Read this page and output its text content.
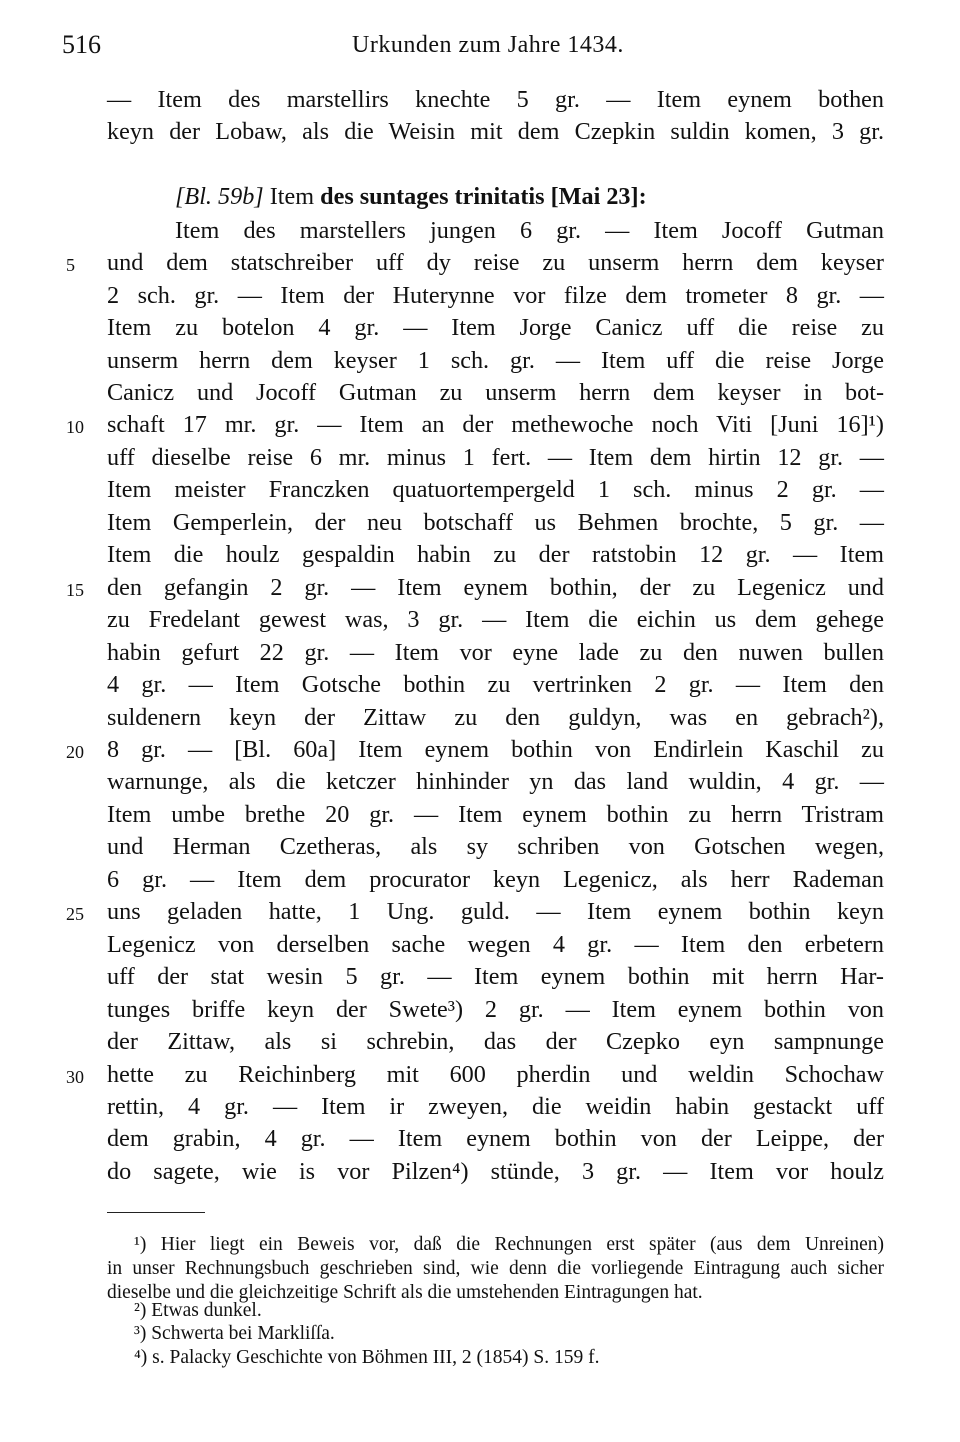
516	Urkunden zum Jahre 1434.
— Item des marstellirs knechte 5 gr. — Item eynem bothen
keyn der Lobaw, als die Weisin mit dem Czepkin suldin komen, 3 gr.
[Bl. 59b] Item des suntages trinitatis [Mai 23]:
Item des marstellers jungen 6 gr. — Item Jocoff Gutman
und dem statschreiber uff dy reise zu unserm herrn dem keyser
2 sch. gr. — Item der Huterynne vor filze dem trometer 8 gr. —
Item zu botelon 4 gr. — Item Jorge Canicz uff die reise zu
unserm herrn dem keyser 1 sch. gr. — Item uff die reise Jorge
Canicz und Jocoff Gutman zu unserm herrn dem keyser in bot-
schaft 17 mr. gr. — Item an der methewoche noch Viti [Juni 16]¹)
uff dieselbe reise 6 mr. minus 1 fert. — Item dem hirtin 12 gr. —
Item meister Franczken quatuortempergeld 1 sch. minus 2 gr. —
Item Gemperlein, der neu botschaff us Behmen brochte, 5 gr. —
Item die houlz gespaldin habin zu der ratstobin 12 gr. — Item
den gefangin 2 gr. — Item eynem bothin, der zu Legenicz und
zu Fredelant gewest was, 3 gr. — Item die eichin us dem gehege
habin gefurt 22 gr. — Item vor eyne lade zu den nuwen bullen
4 gr. — Item Gotsche bothin zu vertrinken 2 gr. — Item den
suldenern keyn der Zittaw zu den guldyn, was en gebrach²),
8 gr. — [Bl. 60a] Item eynem bothin von Endirlein Kaschil zu
warnunge, als die ketczer hinhinder yn das land wuldin, 4 gr. —
Item umbe brethe 20 gr. — Item eynem bothin zu herrn Tristram
und Herman Czetheras, als sy schriben von Gotschen wegen,
6 gr. — Item dem procurator keyn Legenicz, als herr Rademan
uns geladen hatte, 1 Ung. guld. — Item eynem bothin keyn
Legenicz von derselben sache wegen 4 gr. — Item den erbetern
uff der stat wesin 5 gr. — Item eynem bothin mit herrn Har-
tunges briffe keyn der Swete³) 2 gr. — Item eynem bothin von
der Zittaw, als si schrebin, das der Czepko eyn sampnunge
hette zu Reichinberg mit 600 pherdin und weldin Schochaw
rettin, 4 gr. — Item ir zweyen, die weidin habin gestackt uff
dem grabin, 4 gr. — Item eynem bothin von der Leippe, der
do sagete, wie is vor Pilzen⁴) stünde, 3 gr. — Item vor houlz
5
10
15
20
25
30
¹) Hier liegt ein Beweis vor, daß die Rechnungen erst später (aus dem Unreinen)
in unser Rechnungsbuch geschrieben sind, wie denn die vorliegende Eintragung auch sicher
dieselbe und die gleichzeitige Schrift als die umstehenden Eintragungen hat.
²) Etwas dunkel.
³) Schwerta bei Markliſſa.
⁴) s. Palacky Geschichte von Böhmen III, 2 (1854) S. 159 f.
